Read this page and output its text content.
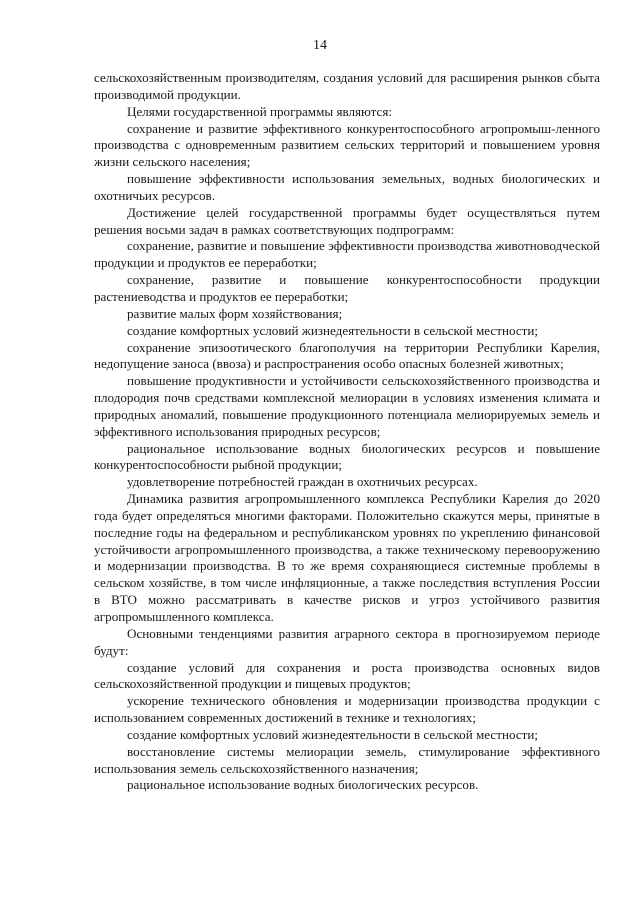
14

сельскохозяйственным производителям, создания условий для расширения рынков сбыта производимой продукции.

Целями государственной программы являются:

сохранение и развитие эффективного конкурентоспособного агропромыш-ленного производства с одновременным развитием сельских территорий и повышением уровня жизни сельского населения;

повышение эффективности использования земельных, водных биологических и охотничьих ресурсов.

Достижение целей государственной программы будет осуществляться путем решения восьми задач в рамках соответствующих подпрограмм:

сохранение, развитие и повышение эффективности производства животноводческой продукции и продуктов ее переработки;

сохранение, развитие и повышение конкурентоспособности продукции растениеводства и продуктов ее переработки;

развитие малых форм хозяйствования;

создание комфортных условий жизнедеятельности в сельской местности;

сохранение эпизоотического благополучия на территории Республики Карелия, недопущение заноса (ввоза) и распространения особо опасных болезней животных;

повышение продуктивности и устойчивости сельскохозяйственного производства и плодородия почв средствами комплексной мелиорации в условиях изменения климата и природных аномалий, повышение продукционного потенциала мелиорируемых земель и эффективного использования природных ресурсов;

рациональное использование водных биологических ресурсов и повышение конкурентоспособности рыбной продукции;

удовлетворение потребностей граждан в охотничьих ресурсах.

Динамика развития агропромышленного комплекса Республики Карелия до 2020 года будет определяться многими факторами. Положительно скажутся меры, принятые в последние годы на федеральном и республиканском уровнях по укреплению финансовой устойчивости агропромышленного производства, а также техническому перевооружению и модернизации производства. В то же время сохраняющиеся системные проблемы в сельском хозяйстве, в том числе инфляционные, а также последствия вступления России в ВТО можно рассматривать в качестве рисков и угроз устойчивого развития агропромышленного комплекса.

Основными тенденциями развития аграрного сектора в прогнозируемом периоде будут:

создание условий для сохранения и роста производства основных видов сельскохозяйственной продукции и пищевых продуктов;

ускорение технического обновления и модернизации производства продукции с использованием современных достижений в технике и технологиях;

создание комфортных условий жизнедеятельности в сельской местности;

восстановление системы мелиорации земель, стимулирование эффективного использования земель сельскохозяйственного назначения;

рациональное использование водных биологических ресурсов.
